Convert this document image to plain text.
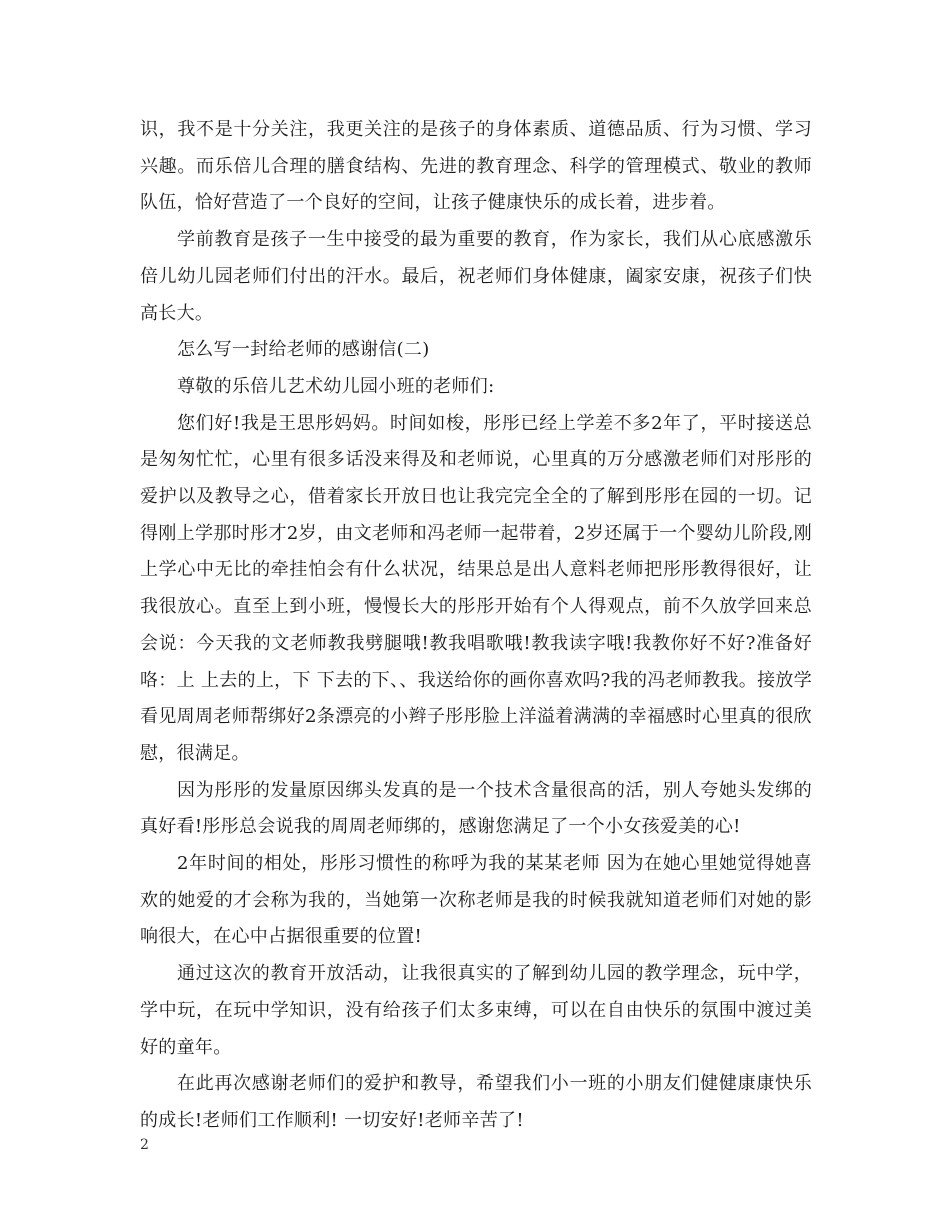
识，我不是十分关注，我更关注的是孩子的身体素质、道德品质、行为习惯、学习兴趣。而乐倍儿合理的膳食结构、先进的教育理念、科学的管理模式、敬业的教师队伍，恰好营造了一个良好的空间，让孩子健康快乐的成长着，进步着。

学前教育是孩子一生中接受的最为重要的教育，作为家长，我们从心底感激乐倍儿幼儿园老师们付出的汗水。最后，祝老师们身体健康，阖家安康，祝孩子们快高长大。

怎么写一封给老师的感谢信(二)

尊敬的乐倍儿艺术幼儿园小班的老师们:

您们好!我是王思彤妈妈。时间如梭，彤彤已经上学差不多2年了，平时接送总是匆匆忙忙，心里有很多话没来得及和老师说，心里真的万分感激老师们对彤彤的爱护以及教导之心，借着家长开放日也让我完完全全的了解到彤彤在园的一切。记得刚上学那时彤才2岁，由文老师和冯老师一起带着，2岁还属于一个婴幼儿阶段,刚上学心中无比的牵挂怕会有什么状况，结果总是出人意料老师把彤彤教得很好，让我很放心。直至上到小班，慢慢长大的彤彤开始有个人得观点，前不久放学回来总会说：今天我的文老师教我劈腿哦!教我唱歌哦!教我读字哦!我教你好不好?准备好咯：上 上去的上，下 下去的下、、我送给你的画你喜欢吗?我的冯老师教我。接放学看见周周老师帮绑好2条漂亮的小辫子彤彤脸上洋溢着满满的幸福感时心里真的很欣慰，很满足。

因为彤彤的发量原因绑头发真的是一个技术含量很高的活，别人夸她头发绑的真好看!彤彤总会说我的周周老师绑的，感谢您满足了一个小女孩爱美的心!

2年时间的相处，彤彤习惯性的称呼为我的某某老师 因为在她心里她觉得她喜欢的她爱的才会称为我的，当她第一次称老师是我的时候我就知道老师们对她的影响很大，在心中占据很重要的位置!

通过这次的教育开放活动，让我很真实的了解到幼儿园的教学理念，玩中学，学中玩，在玩中学知识，没有给孩子们太多束缚，可以在自由快乐的氛围中渡过美好的童年。

在此再次感谢老师们的爱护和教导，希望我们小一班的小朋友们健健康康快乐的成长!老师们工作顺利! 一切安好!老师辛苦了!

2
